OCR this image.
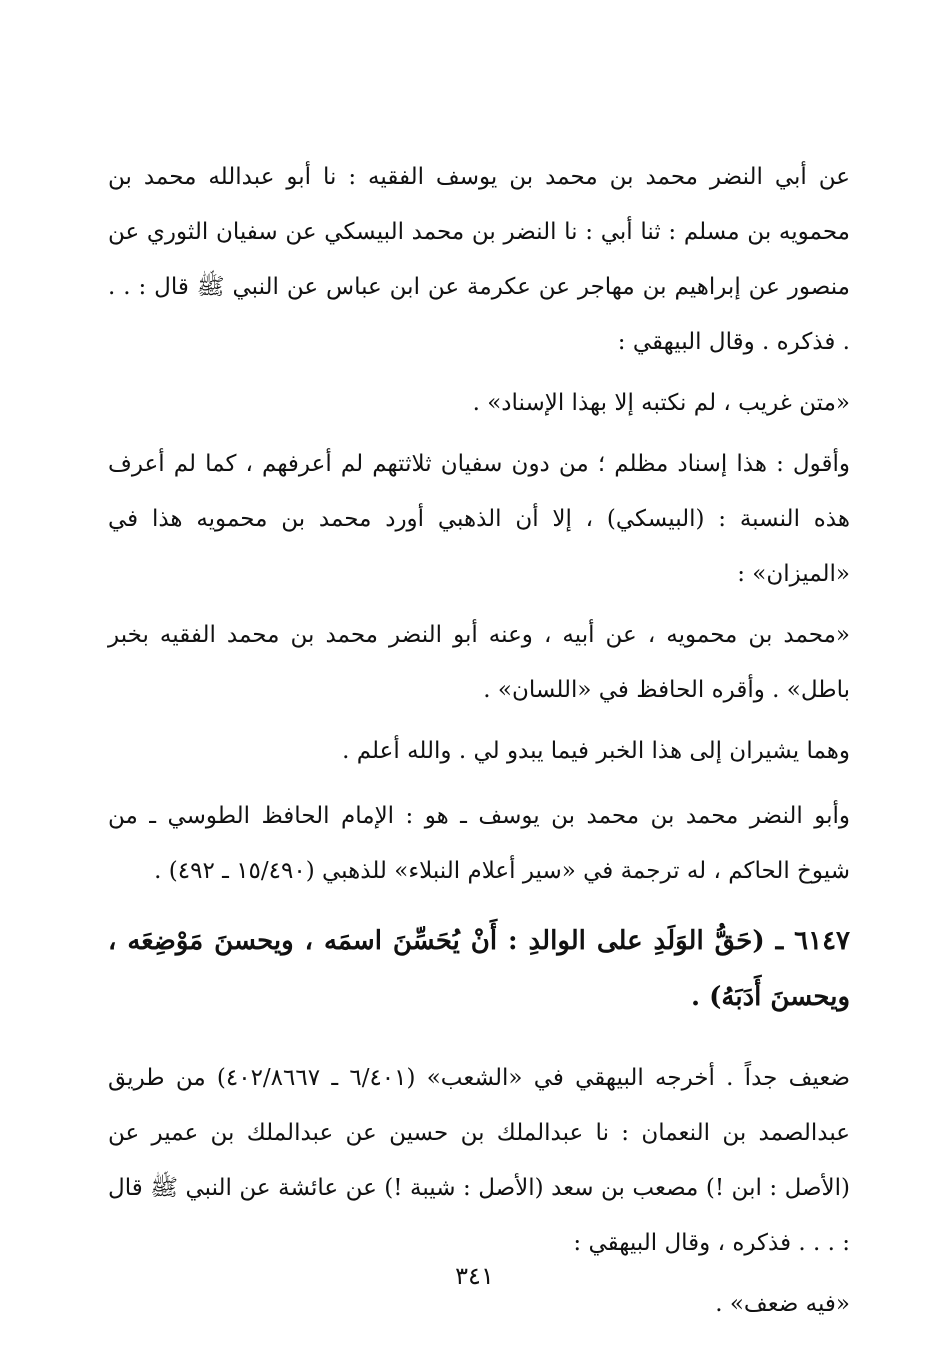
عن أبي النضر محمد بن محمد بن يوسف الفقيه : نا أبو عبدالله محمد بن محمويه بن مسلم : ثنا أبي : نا النضر بن محمد البيسكي عن سفيان الثوري عن منصور عن إبراهيم بن مهاجر عن عكرمة عن ابن عباس عن النبي ﷺ قال : . . . فذكره . وقال البيهقي :

«متن غريب ، لم نكتبه إلا بهذا الإسناد» .

وأقول : هذا إسناد مظلم ؛ من دون سفيان ثلاثتهم لم أعرفهم ، كما لم أعرف هذه النسبة : (البيسكي) ، إلا أن الذهبي أورد محمد بن محمويه هذا في «الميزان» :

«محمد بن محمويه ، عن أبيه ، وعنه أبو النضر محمد بن محمد الفقيه بخبر باطل» . وأقره الحافظ في «اللسان» .

وهما يشيران إلى هذا الخبر فيما يبدو لي . والله أعلم .

وأبو النضر محمد بن محمد بن يوسف ـ هو : الإمام الحافظ الطوسي ـ من شيوخ الحاكم ، له ترجمة في «سير أعلام النبلاء» للذهبي (١٥/٤٩٠ ـ ٤٩٢) .

٦١٤٧ ـ (حَقُّ الوَلَدِ على الوالدِ : أَنْ يُحَسِّنَ اسمَه ، ويحسنَ مَوْضِعَه ، ويحسنَ أَدَبَهُ) .

ضعيف جداً . أخرجه البيهقي في «الشعب» (٦/٤٠١ ـ ٤٠٢/٨٦٦٧) من طريق عبدالصمد بن النعمان : نا عبدالملك بن حسين عن عبدالملك بن عمير عن (الأصل : ابن !) مصعب بن سعد (الأصل : شيبة !) عن عائشة عن النبي ﷺ قال : . . . فذكره ، وقال البيهقي :

«فيه ضعف» .

٣٤١
